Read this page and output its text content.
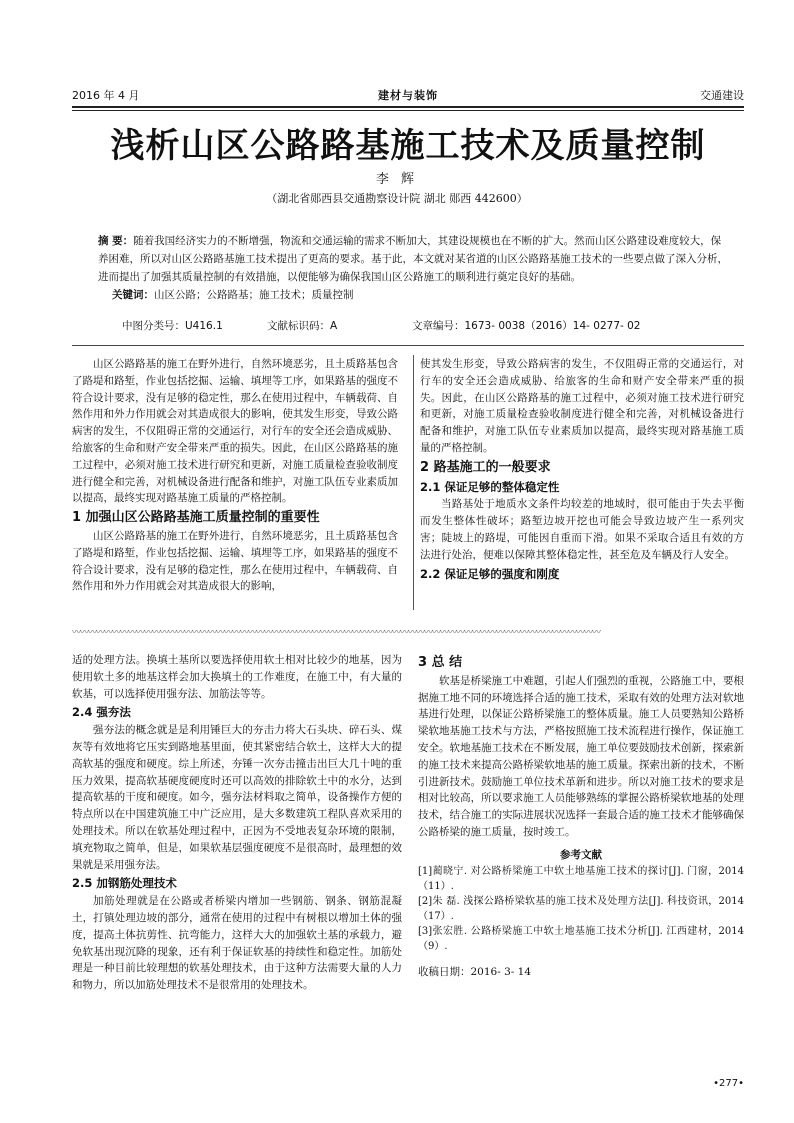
2016 年 4 月	建材与装饰	交通建设
浅析山区公路路基施工技术及质量控制
李 辉
（湖北省郧西县交通勘察设计院 湖北 郧西 442600）
摘 要：随着我国经济实力的不断增强，物流和交通运输的需求不断加大，其建设规模也在不断的扩大。然而山区公路建设难度较大，保养困难，所以对山区公路路基施工技术提出了更高的要求。基于此，本文就对某省道的山区公路路基施工技术的一些要点做了深入分析，进而提出了加强其质量控制的有效措施，以便能够为确保我国山区公路施工的顺利进行奠定良好的基础。
关键词：山区公路；公路路基；施工技术；质量控制
中图分类号：U416.1	文献标识码：A	文章编号：1673- 0038（2016）14- 0277- 02

山区公路路基的施工在野外进行，自然环境恶劣，且土质路基包含了路堤和路堑，作业包括挖掘、运输、填埋等工序，如果路基的强度不符合设计要求，没有足够的稳定性，那么在使用过程中，车辆载荷、自然作用和外力作用就会对其造成很大的影响，使其发生形变，导致公路病害的发生，不仅阻碍正常的交通运行，对行车的安全还会造成威胁、给旅客的生命和财产安全带来严重的损失。因此，在山区公路路基的施工过程中，必须对施工技术进行研究和更新，对施工质量检查验收制度进行健全和完善，对机械设备进行配备和维护，对施工队伍专业素质加以提高，最终实现对路基施工质量的严格控制。

1 加强山区公路路基施工质量控制的重要性

山区公路路基的施工在野外进行，自然环境恶劣，且土质路基包含了路堤和路堑，作业包括挖掘、运输、填埋等工序，如果路基的强度不符合设计要求，没有足够的稳定性，那么在使用过程中，车辆载荷、自然作用和外力作用就会对其造成很大的影响，

使其发生形变，导致公路病害的发生，不仅阻碍正常的交通运行，对行车的安全还会造成威胁、给旅客的生命和财产安全带来严重的损失。因此，在山区公路路基的施工过程中，必须对施工技术进行研究和更新，对施工质量检查验收制度进行健全和完善，对机械设备进行配备和维护，对施工队伍专业素质加以提高，最终实现对路基施工质量的严格控制。

2 路基施工的一般要求
2.1 保证足够的整体稳定性

当路基处于地质水文条件均较差的地域时，很可能由于失去平衡而发生整体性破坏；路堑边坡开挖也可能会导致边坡产生一系列灾害；陡坡上的路堤，可能因自重而下滑。如果不采取合适且有效的方法进行处治，便难以保障其整体稳定性，甚至危及车辆及行人安全。

2.2 保证足够的强度和刚度
〰〰〰〰〰〰〰〰〰〰〰〰〰〰〰〰〰〰〰〰〰〰〰〰〰〰〰〰〰〰〰〰〰〰〰〰〰〰〰〰〰〰〰〰〰〰〰〰〰〰〰〰〰〰〰〰〰〰〰〰〰〰〰〰〰〰

适的处理方法。换填土基所以要选择使用软土相对比较少的地基，因为使用软土多的地基这样会加大换填土的工作难度，在施工中，有大量的软基，可以选择使用强夯法、加筋法等等。

2.4 强夯法

强夯法的概念就是是利用锤巨大的夯击力将大石头块、碎石头、煤灰等有效地将它压实到路地基里面，使其紧密结合软土，这样大大的提高软基的强度和硬度。综上所述，夯锤一次夯击撞击出巨大几十吨的重压力效果，提高软基硬度硬度时还可以高效的排除软土中的水分，达到提高软基的干度和硬度。如今，强夯法材料取之简单，设备操作方便的特点所以在中国建筑施工中广泛应用，是大多数建筑工程队喜欢采用的处理技术。所以在软基处理过程中，正因为不受地表复杂环境的限制，填充物取之简单，但是，如果软基层强度硬度不是很高时，最理想的效果就是采用强夯法。

2.5 加钢筋处理技术

加筋处理就是在公路或者桥梁内增加一些钢筋、钢条、钢筋混凝土，打镇处理边坡的部分，通常在使用的过程中有树根以增加土体的强度，提高土体抗剪性、抗弯能力，这样大大的加强软土基的承载力，避免软基出现沉降的现象，还有利于保证软基的持续性和稳定性。加筋处理是一种目前比较理想的软基处理技术，由于这种方法需要大量的人力和物力，所以加筋处理技术不是很常用的处理技术。

3 总 结

软基是桥梁施工中难题，引起人们强烈的重视，公路施工中，要根据施工地不同的环境选择合适的施工技术，采取有效的处理方法对软地基进行处理，以保证公路桥梁施工的整体质量。施工人员要熟知公路桥梁软地基施工技术与方法，严格按照施工技术流程进行操作，保证施工安全。软地基施工技术在不断发展，施工单位要鼓励技术创新，探索新的施工技术来提高公路桥梁软地基的施工质量。探索出新的技术，不断引进新技术。鼓励施工单位技术革新和进步。所以对施工技术的要求是相对比较高，所以要求施工人员能够熟练的掌握公路桥梁软地基的处理技术，结合施工的实际进展状况选择一套最合适的施工技术才能够确保公路桥梁的施工质量，按时竣工。

参考文献

[1]蔺晓宁. 对公路桥梁施工中软土地基施工技术的探讨[J]. 门窗，2014（11）.

[2]朱 磊. 浅探公路桥梁软基的施工技术及处理方法[J]. 科技资讯，2014（17）.

[3]张宏胜. 公路桥梁施工中软土地基施工技术分析[J]. 江西建材，2014（9）.

收稿日期：2016- 3- 14
•277•
